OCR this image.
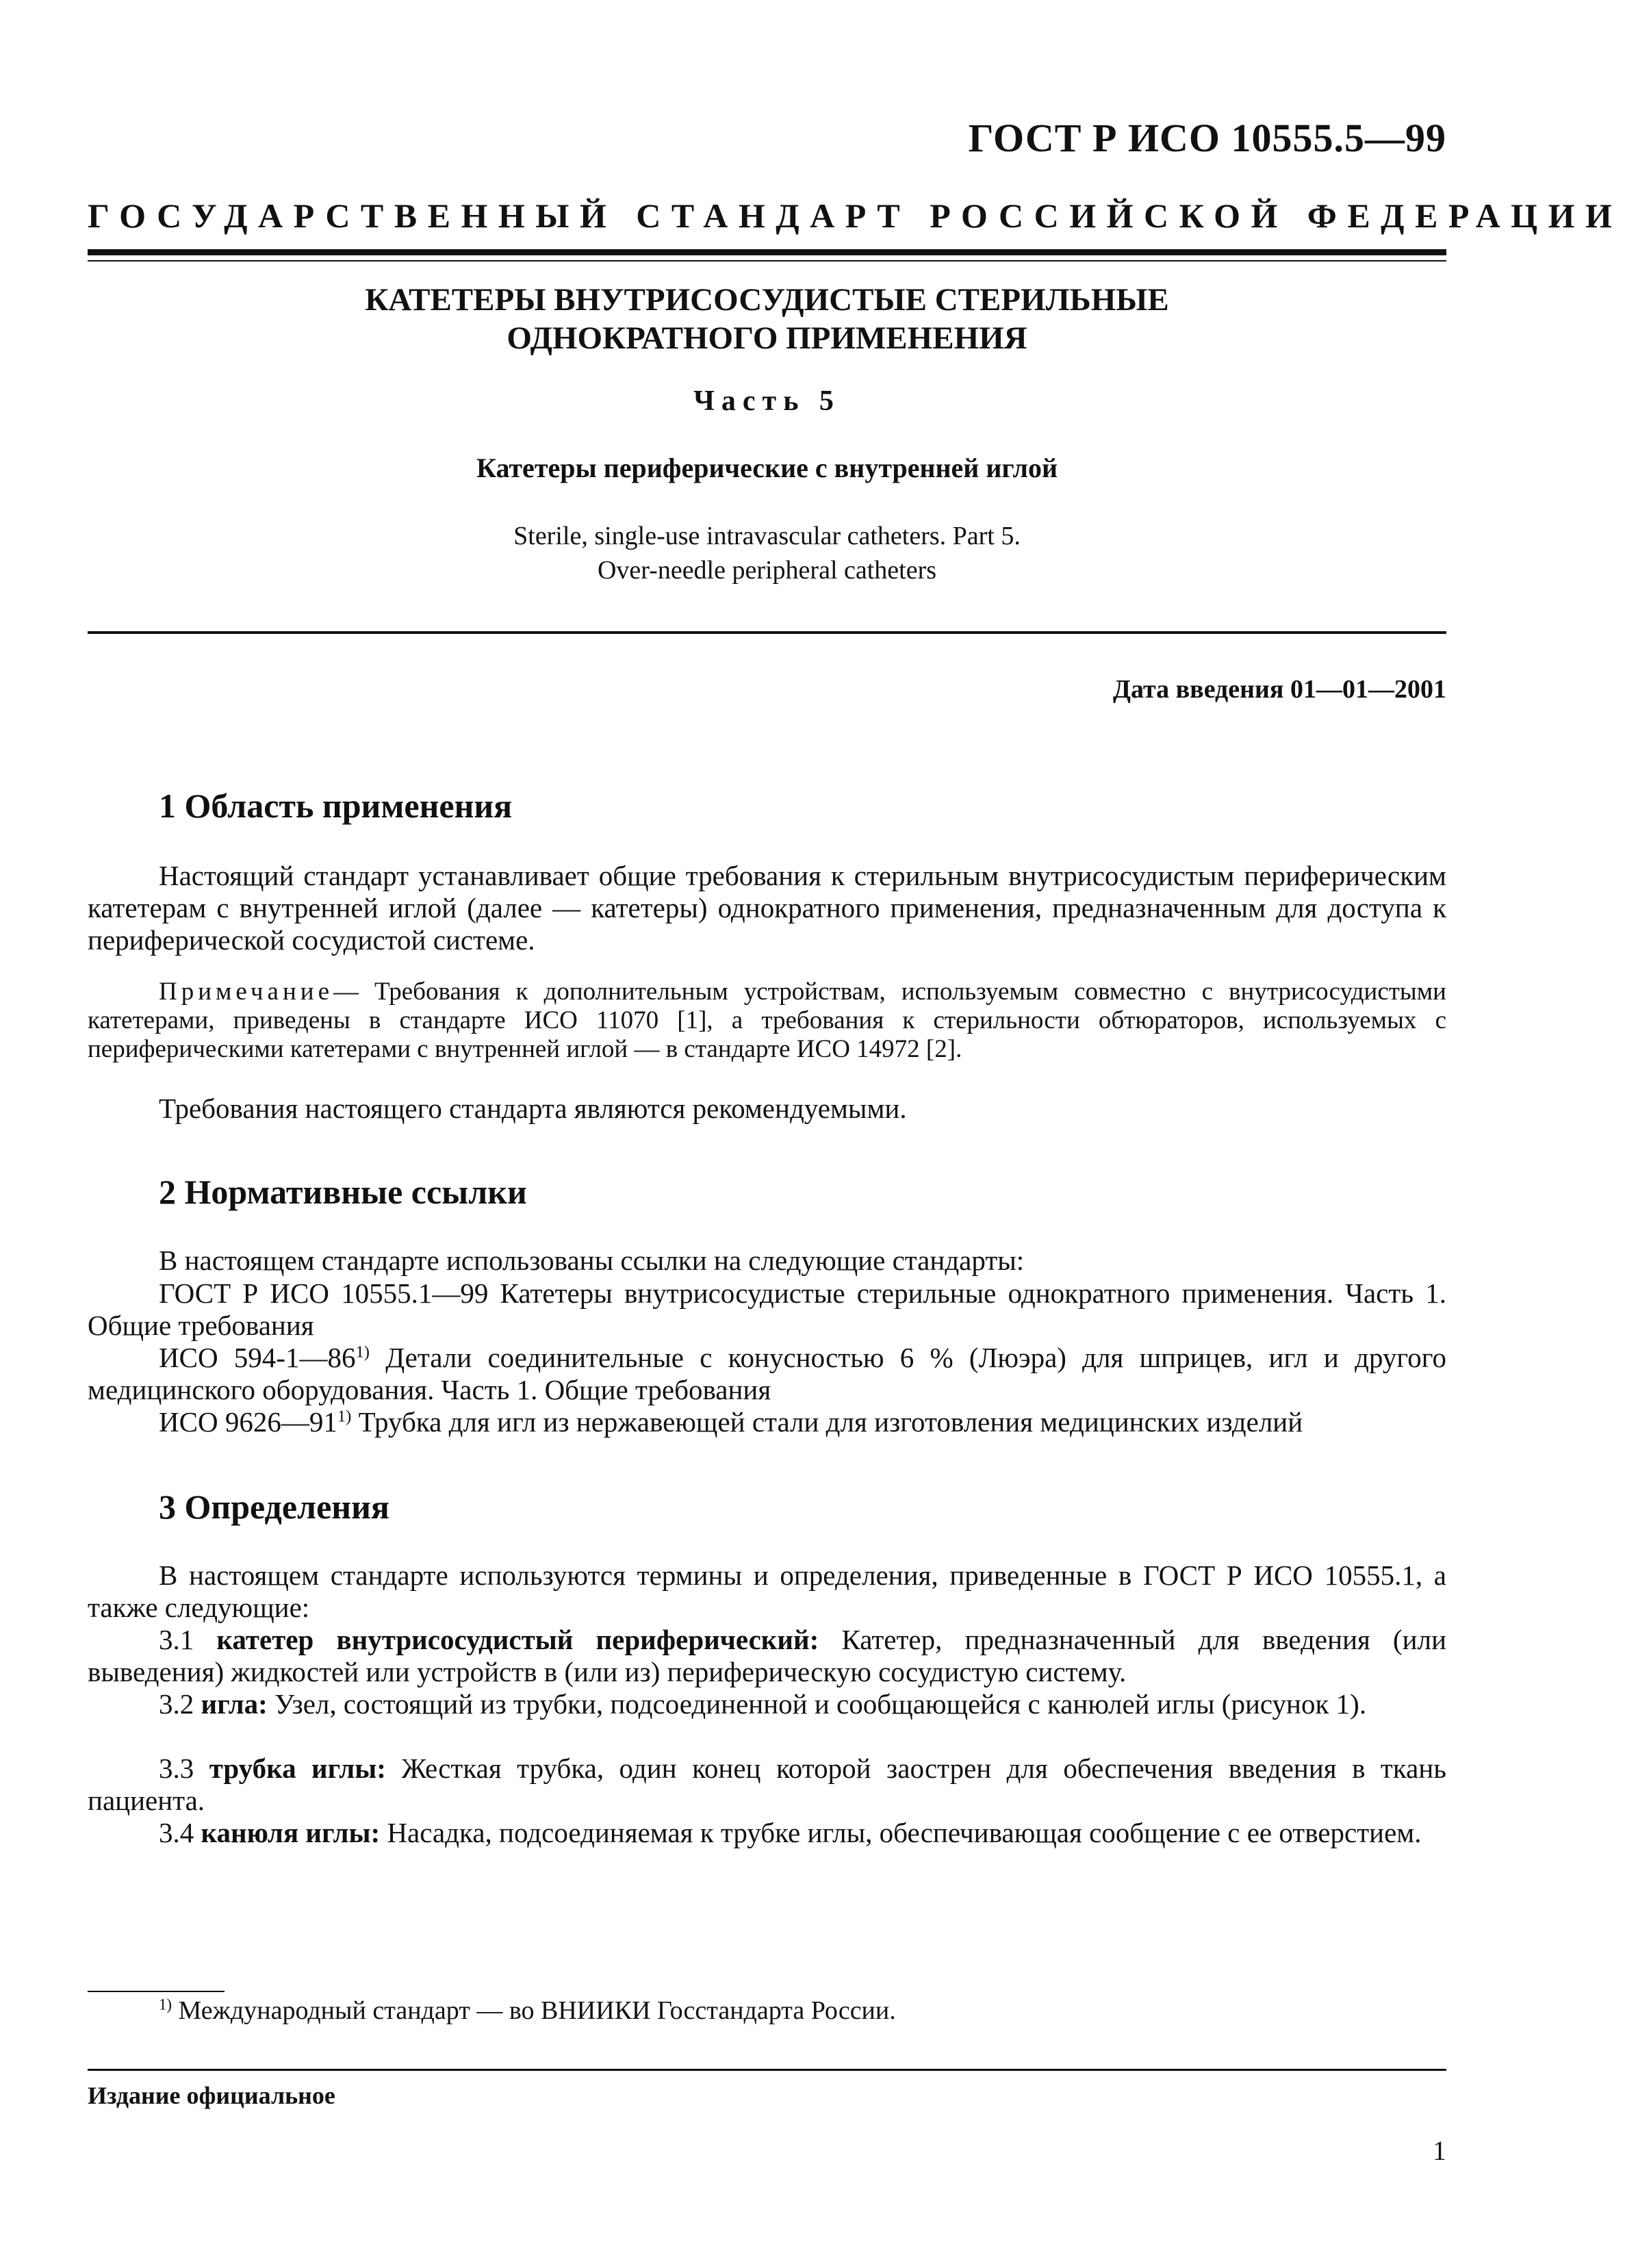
ГОСТ Р ИСО 10555.5—99
ГОСУДАРСТВЕННЫЙ СТАНДАРТ РОССИЙСКОЙ ФЕДЕРАЦИИ
КАТЕТЕРЫ ВНУТРИСОСУДИСТЫЕ СТЕРИЛЬНЫЕ
ОДНОКРАТНОГО ПРИМЕНЕНИЯ
Часть 5
Катетеры периферические с внутренней иглой
Sterile, single-use intravascular catheters. Part 5.
Over-needle peripheral catheters
Дата введения 01—01—2001
1 Область применения
Настоящий стандарт устанавливает общие требования к стерильным внутрисосудистым периферическим катетерам с внутренней иглой (далее — катетеры) однократного применения, предназначенным для доступа к периферической сосудистой системе.
Примечание— Требования к дополнительным устройствам, используемым совместно с внутрисосудистыми катетерами, приведены в стандарте ИСО 11070 [1], а требования к стерильности обтюраторов, используемых с периферическими катетерами с внутренней иглой — в стандарте ИСО 14972 [2].
Требования настоящего стандарта являются рекомендуемыми.
2 Нормативные ссылки
В настоящем стандарте использованы ссылки на следующие стандарты:
ГОСТ Р ИСО 10555.1—99 Катетеры внутрисосудистые стерильные однократного применения. Часть 1. Общие требования
ИСО 594-1—86$^{1)}$ Детали соединительные с конусностью 6 % (Люэра) для шприцев, игл и другого медицинского оборудования. Часть 1. Общие требования
ИСО 9626—91$^{1)}$ Трубка для игл из нержавеющей стали для изготовления медицинских изделий
3 Определения
В настоящем стандарте используются термины и определения, приведенные в ГОСТ Р ИСО 10555.1, а также следующие:
3.1 катетер внутрисосудистый периферический: Катетер, предназначенный для введения (или выведения) жидкостей или устройств в (или из) периферическую сосудистую систему.
3.2 игла: Узел, состоящий из трубки, подсоединенной и сообщающейся с канюлей иглы (рисунок 1).
3.3 трубка иглы: Жесткая трубка, один конец которой заострен для обеспечения введения в ткань пациента.
3.4 канюля иглы: Насадка, подсоединяемая к трубке иглы, обеспечивающая сообщение с ее отверстием.
$^{1)}$ Международный стандарт — во ВНИИКИ Госстандарта России.
Издание официальное
1
